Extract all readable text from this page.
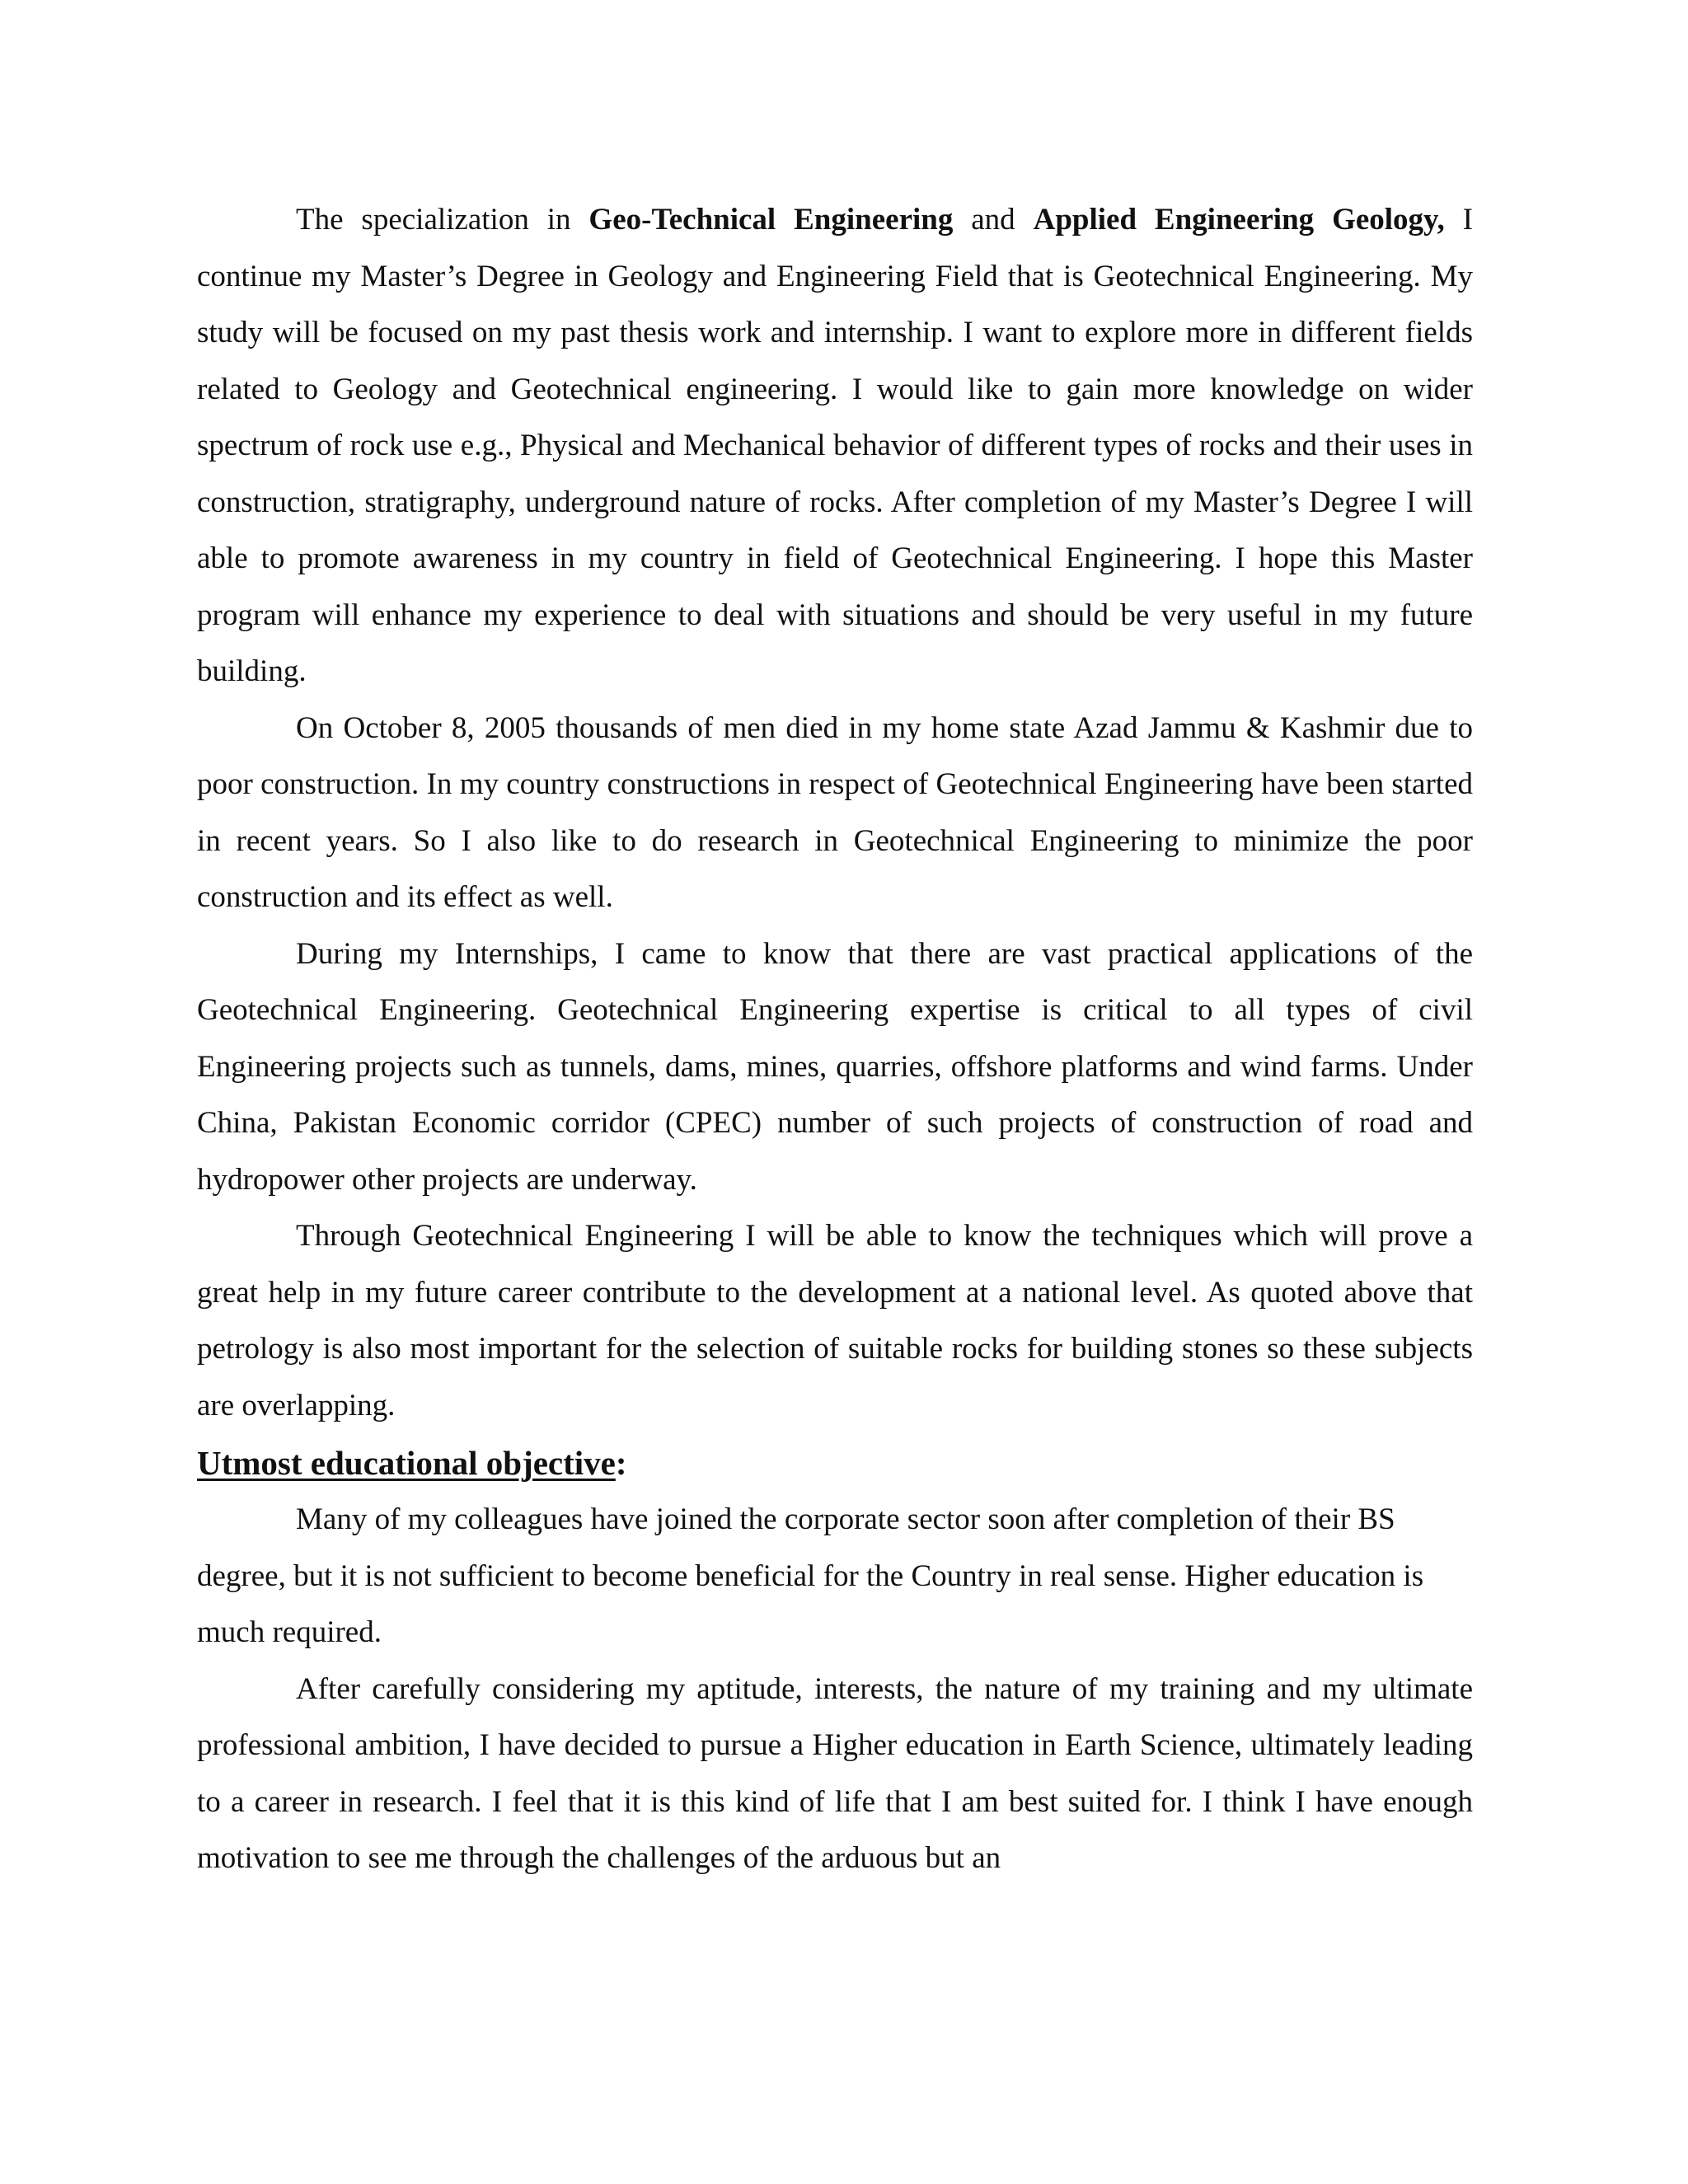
The specialization in Geo-Technical Engineering and Applied Engineering Geology, I continue my Master’s Degree in Geology and Engineering Field that is Geotechnical Engineering. My study will be focused on my past thesis work and internship. I want to explore more in different fields related to Geology and Geotechnical engineering. I would like to gain more knowledge on wider spectrum of rock use e.g., Physical and Mechanical behavior of different types of rocks and their uses in construction, stratigraphy, underground nature of rocks. After completion of my Master’s Degree I will able to promote awareness in my country in field of Geotechnical Engineering. I hope this Master program will enhance my experience to deal with situations and should be very useful in my future building.

On October 8, 2005 thousands of men died in my home state Azad Jammu & Kashmir due to poor construction. In my country constructions in respect of Geotechnical Engineering have been started in recent years. So I also like to do research in Geotechnical Engineering to minimize the poor construction and its effect as well.

During my Internships, I came to know that there are vast practical applications of the Geotechnical Engineering. Geotechnical Engineering expertise is critical to all types of civil Engineering projects such as tunnels, dams, mines, quarries, offshore platforms and wind farms. Under China, Pakistan Economic corridor (CPEC) number of such projects of construction of road and hydropower other projects are underway.

Through Geotechnical Engineering I will be able to know the techniques which will prove a great help in my future career contribute to the development at a national level. As quoted above that petrology is also most important for the selection of suitable rocks for building stones so these subjects are overlapping.

Utmost educational objective:

Many of my colleagues have joined the corporate sector soon after completion of their BS degree, but it is not sufficient to become beneficial for the Country in real sense. Higher education is much required.

After carefully considering my aptitude, interests, the nature of my training and my ultimate professional ambition, I have decided to pursue a Higher education in Earth Science, ultimately leading to a career in research. I feel that it is this kind of life that I am best suited for. I think I have enough motivation to see me through the challenges of the arduous but an
